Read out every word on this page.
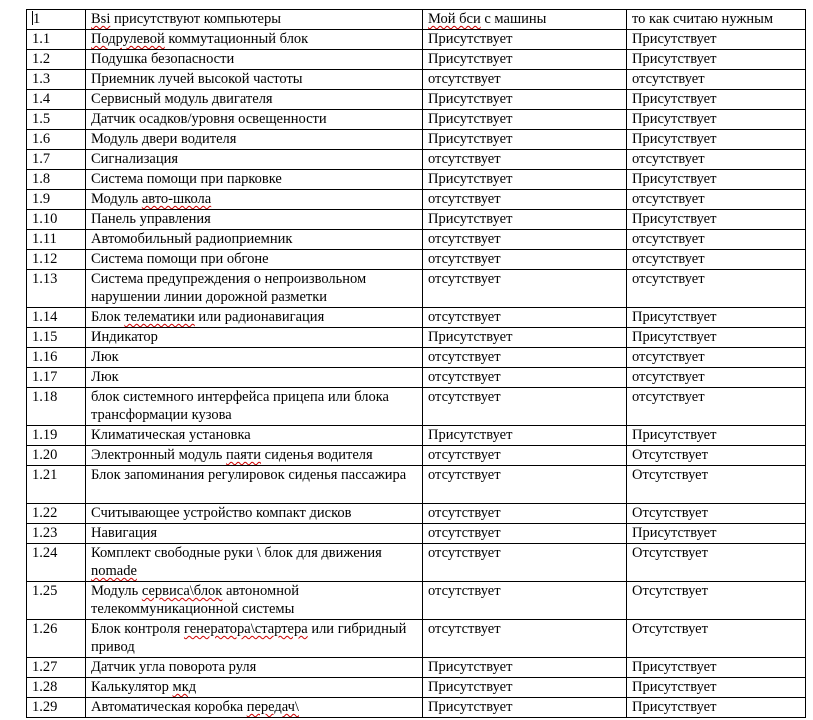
1	Вsi присутствуют компьютеры	Мой бси с машины	то как считаю нужным
1.1	Подрулевой коммутационный блок	Присутствует	Присутствует
1.2	Подушка безопасности	Присутствует	Присутствует
1.3	Приемник лучей высокой частоты	отсутствует	отсутствует
1.4	Сервисный модуль двигателя	Присутствует	Присутствует
1.5	Датчик осадков/уровня освещенности	Присутствует	Присутствует
1.6	Модуль двери водителя	Присутствует	Присутствует
1.7	Сигнализация	отсутствует	отсутствует
1.8	Система помощи при парковке	Присутствует	Присутствует
1.9	Модуль авто-школа	отсутствует	отсутствует
1.10	Панель управления	Присутствует	Присутствует
1.11	Автомобильный радиоприемник	отсутствует	отсутствует
1.12	Система помощи при обгоне	отсутствует	отсутствует
1.13	Система предупреждения о непроизвольном нарушении линии дорожной разметки	отсутствует	отсутствует
1.14	Блок телематики или радионавигация	отсутствует	Присутствует
1.15	Индикатор	Присутствует	Присутствует
1.16	Люк	отсутствует	отсутствует
1.17	Люк	отсутствует	отсутствует
1.18	блок системного интерфейса прицепа или блока трансформации кузова	отсутствует	отсутствует
1.19	Климатическая установка	Присутствует	Присутствует
1.20	Электронный модуль паяти сиденья водителя	отсутствует	Отсутствует
1.21	Блок запоминания регулировок сиденья пассажира	отсутствует	Отсутствует
1.22	Считывающее устройство компакт дисков	отсутствует	Отсутствует
1.23	Навигация	отсутствует	Присутствует
1.24	Комплект свободные руки \ блок для движения nomade	отсутствует	Отсутствует
1.25	Модуль сервиса\блок автономной телекоммуникационной системы	отсутствует	Отсутствует
1.26	Блок контроля генератора\стартера или гибридный привод	отсутствует	Отсутствует
1.27	Датчик угла поворота руля	Присутствует	Присутствует
1.28	Калькулятор мкд	Присутствует	Присутствует
1.29	Автоматическая коробка передач\	Присутствует	Присутствует
